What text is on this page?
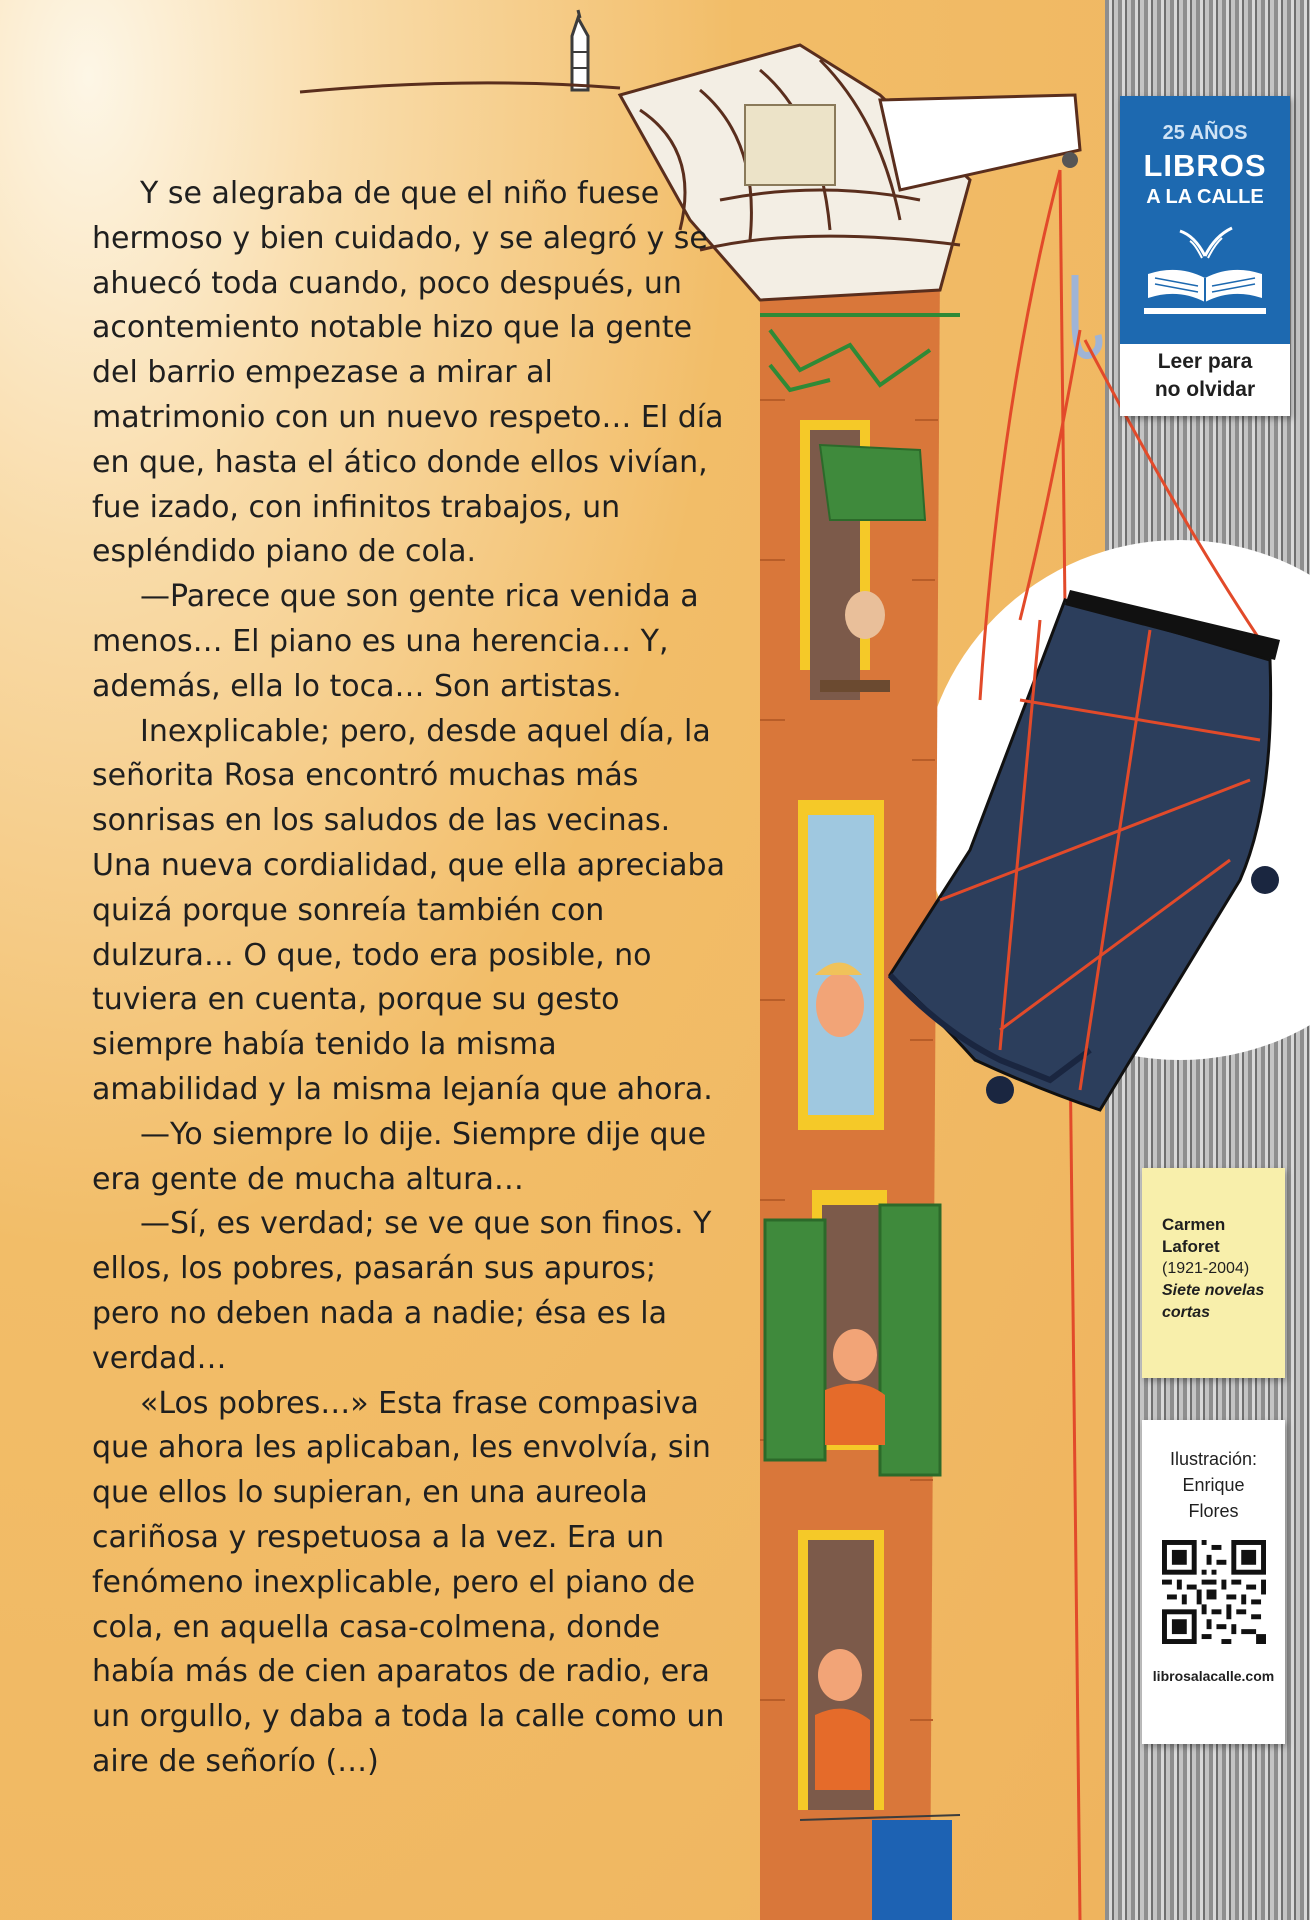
Y se alegraba de que el niño fuese hermoso y bien cuidado, y se alegró y se ahuecó toda cuando, poco después, un acontemiento notable hizo que la gente del barrio empezase a mirar al matrimonio con un nuevo respeto… El día en que, hasta el ático donde ellos vivían, fue izado, con infinitos trabajos, un espléndido piano de cola.

—Parece que son gente rica venida a menos… El piano es una herencia… Y, además, ella lo toca… Son artistas.

Inexplicable; pero, desde aquel día, la señorita Rosa encontró muchas más sonrisas en los saludos de las vecinas. Una nueva cordialidad, que ella apreciaba quizá porque sonreía también con dulzura… O que, todo era posible, no tuviera en cuenta, porque su gesto siempre había tenido la misma amabilidad y la misma lejanía que ahora.

—Yo siempre lo dije. Siempre dije que era gente de mucha altura…

—Sí, es verdad; se ve que son finos. Y ellos, los pobres, pasarán sus apuros; pero no deben nada a nadie; ésa es la verdad…

«Los pobres…» Esta frase compasiva que ahora les aplicaban, les envolvía, sin que ellos lo supieran, en una aureola cariñosa y respetuosa a la vez. Era un fenómeno inexplicable, pero el piano de cola, en aquella casa-colmena, donde había más de cien aparatos de radio, era un orgullo, y daba a toda la calle como un aire de señorío (…)

25 AÑOS
LIBROS
A LA CALLE
Leer para
no olvidar
Carmen
Laforet
(1921-2004)
Siete novelas cortas
Ilustración:
Enrique
Flores
librosalacalle.com
